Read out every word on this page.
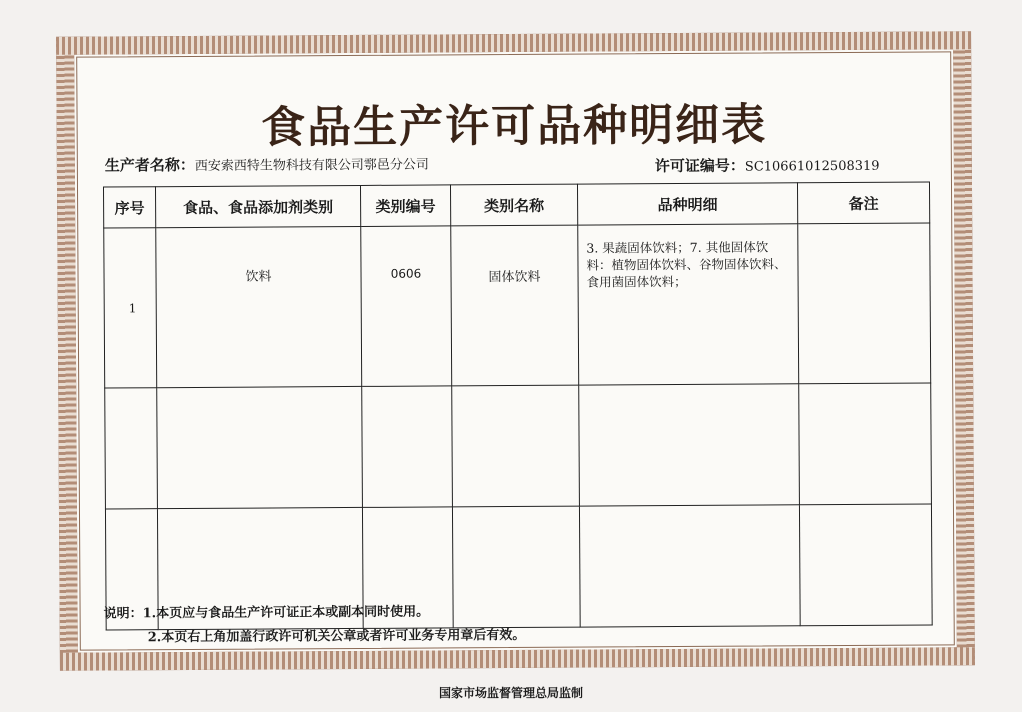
食品生产许可品种明细表
生产者名称：西安索西特生物科技有限公司鄠邑分公司	许可证编号：SC10661012508319
序号	食品、食品添加剂类别	类别编号	类别名称	品种明细	备注
1	饮料	0606	固体饮料	3. 果蔬固体饮料；7. 其他固体饮料：植物固体饮料、谷物固体饮料、食用菌固体饮料；	

说明：1.本页应与食品生产许可证正本或副本同时使用。
2.本页右上角加盖行政许可机关公章或者许可业务专用章后有效。
国家市场监督管理总局监制
